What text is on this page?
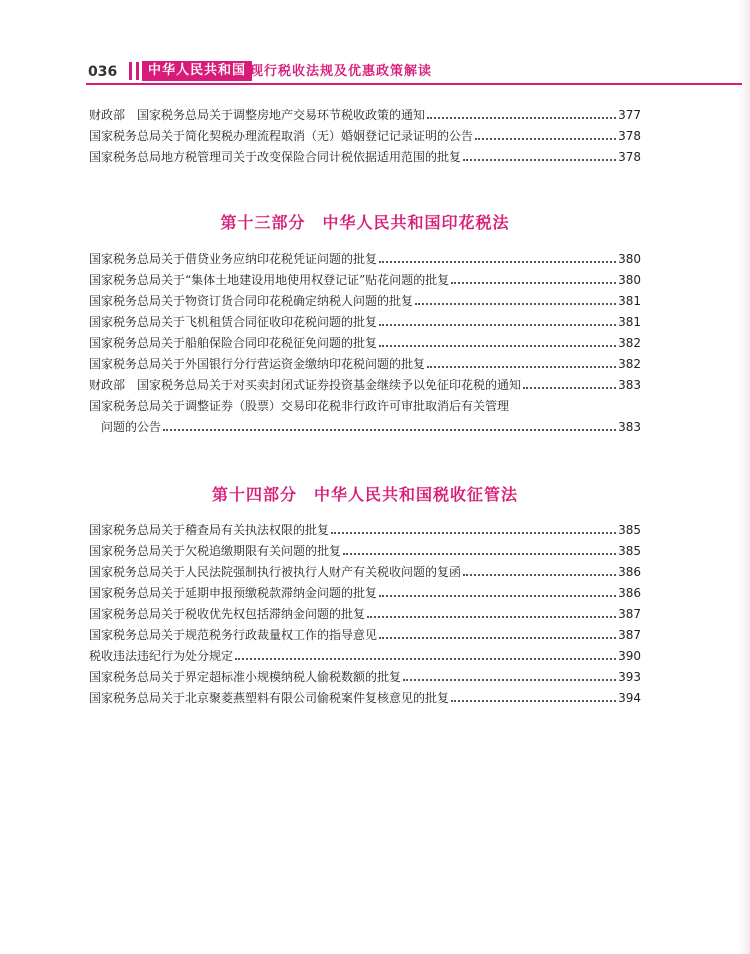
036	中华人民共和国 现行税收法规及优惠政策解读
财政部　国家税务总局关于调整房地产交易环节税收政策的通知	377
国家税务总局关于简化契税办理流程取消（无）婚姻登记记录证明的公告	378
国家税务总局地方税管理司关于改变保险合同计税依据适用范围的批复	378
第十三部分　中华人民共和国印花税法
国家税务总局关于借贷业务应纳印花税凭证问题的批复	380
国家税务总局关于“集体土地建设用地使用权登记证”贴花问题的批复	380
国家税务总局关于物资订货合同印花税确定纳税人问题的批复	381
国家税务总局关于飞机租赁合同征收印花税问题的批复	381
国家税务总局关于船舶保险合同印花税征免问题的批复	382
国家税务总局关于外国银行分行营运资金缴纳印花税问题的批复	382
财政部　国家税务总局关于对买卖封闭式证券投资基金继续予以免征印花税的通知	383
国家税务总局关于调整证券（股票）交易印花税非行政许可审批取消后有关管理
问题的公告	383
第十四部分　中华人民共和国税收征管法
国家税务总局关于稽查局有关执法权限的批复	385
国家税务总局关于欠税追缴期限有关问题的批复	385
国家税务总局关于人民法院强制执行被执行人财产有关税收问题的复函	386
国家税务总局关于延期申报预缴税款滞纳金问题的批复	386
国家税务总局关于税收优先权包括滞纳金问题的批复	387
国家税务总局关于规范税务行政裁量权工作的指导意见	387
税收违法违纪行为处分规定	390
国家税务总局关于界定超标准小规模纳税人偷税数额的批复	393
国家税务总局关于北京聚菱燕塑料有限公司偷税案件复核意见的批复	394
